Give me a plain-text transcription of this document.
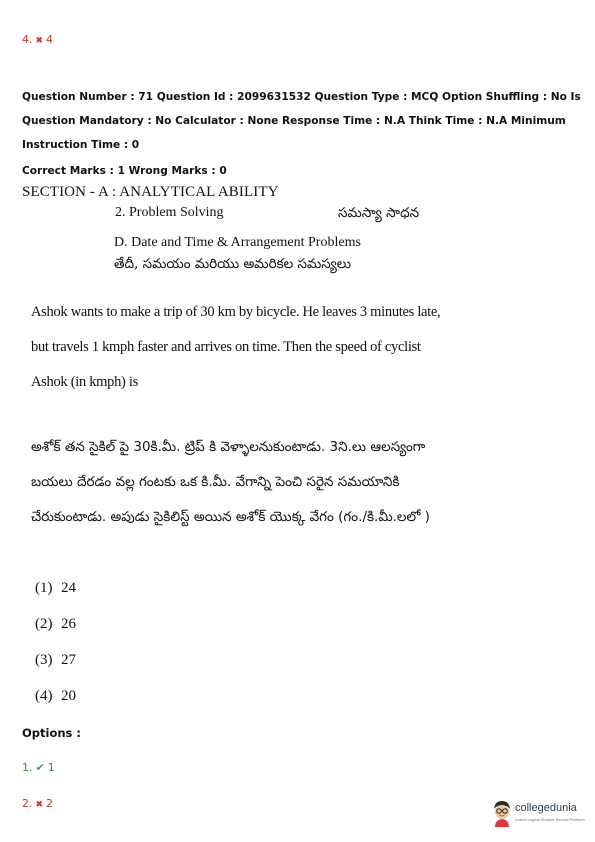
4. ✖ 4
Question Number : 71 Question Id : 2099631532 Question Type : MCQ Option Shuffling : No Is
Question Mandatory : No Calculator : None Response Time : N.A Think Time : N.A Minimum
Instruction Time : 0
Correct Marks : 1 Wrong Marks : 0
SECTION - A : ANALYTICAL ABILITY
2. Problem Solving	సమస్యా సాధన
D. Date and Time & Arrangement Problems
తేదీ, సమయం మరియు అమరికల సమస్యలు
Ashok wants to make a trip of 30 km by bicycle. He leaves 3 minutes late, but travels 1 kmph faster and arrives on time. Then the speed of cyclist Ashok (in kmph) is
అశోక్ తన సైకిల్ పై 30కి.మీ. ట్రిప్ కి వెళ్ళాలనుకుంటాడు. 3ని.లు ఆలస్యంగా బయలు దేరడం వల్ల గంటకు ఒక కి.మీ. వేగాన్ని పెంచి సరైన సమయానికి చేరుకుంటాడు. అపుడు సైకిలిస్ట్ అయిన అశోక్ యొక్క వేగం (గం./కి.మీ.లలో )
(1) 24
(2) 26
(3) 27
(4) 20
Options :
1. ✔ 1
2. ✖ 2	collegedunia
India's largest Student Review Platform
